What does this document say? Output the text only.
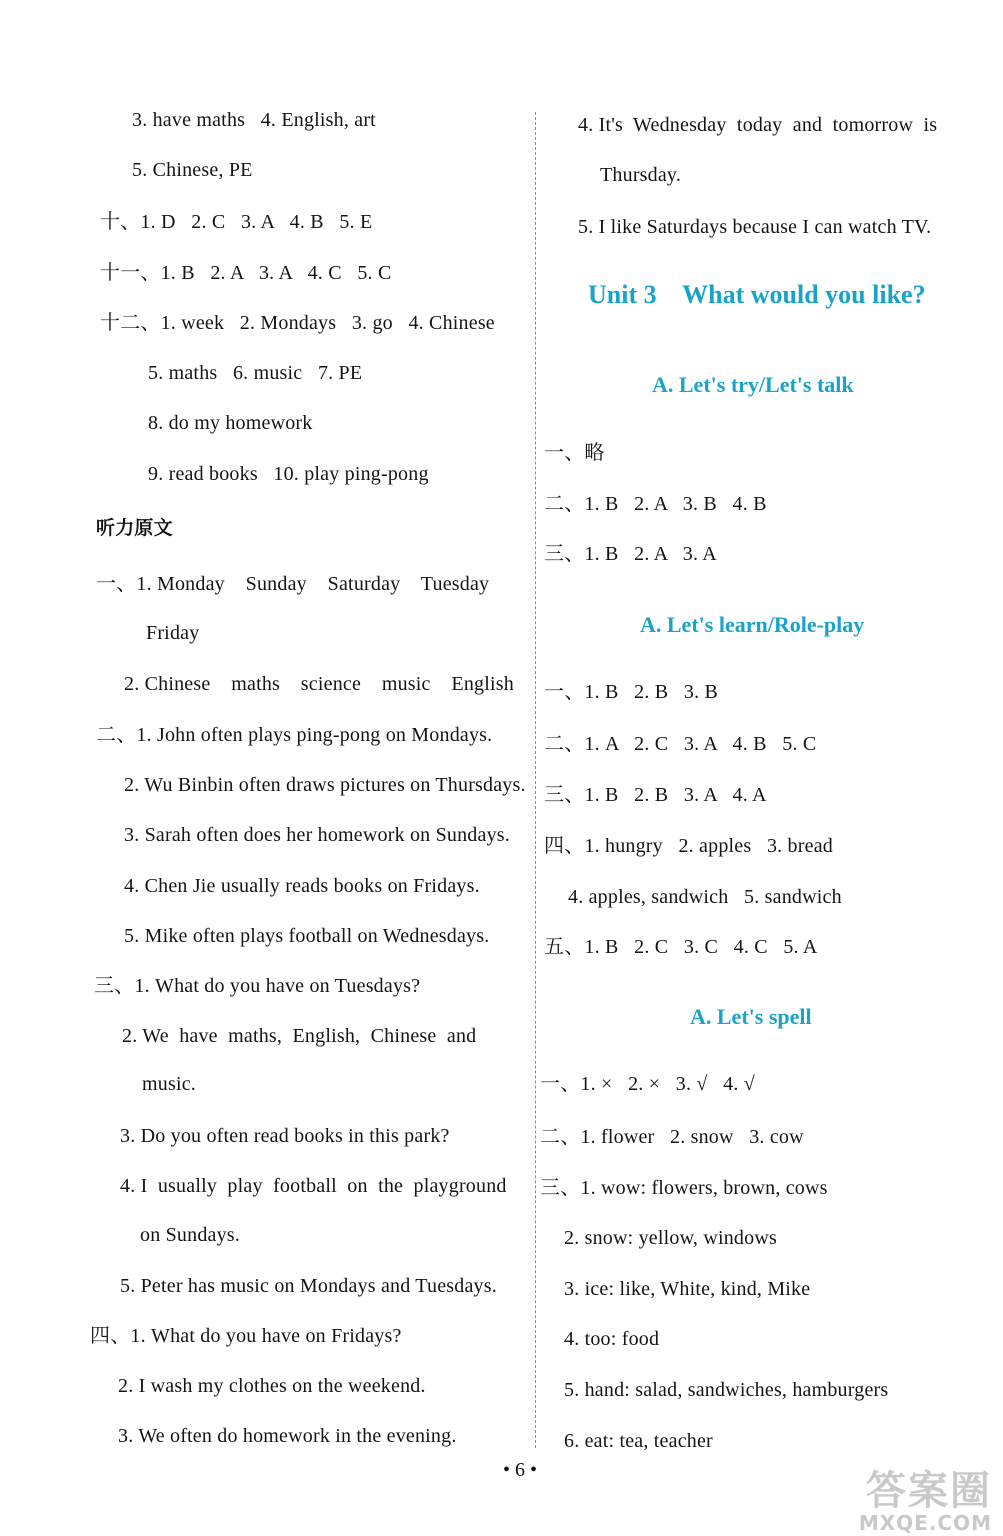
3. have maths   4. English, art
5. Chinese, PE
十、1. D   2. C   3. A   4. B   5. E
十一、1. B   2. A   3. A   4. C   5. C
十二、1. week   2. Mondays   3. go   4. Chinese
5. maths   6. music   7. PE
8. do my homework
9. read books   10. play ping-pong
听力原文
一、1. Monday    Sunday    Saturday    Tuesday
Friday
2. Chinese    maths    science    music    English
二、1. John often plays ping-pong on Mondays.
2. Wu Binbin often draws pictures on Thursdays.
3. Sarah often does her homework on Sundays.
4. Chen Jie usually reads books on Fridays.
5. Mike often plays football on Wednesdays.
三、1. What do you have on Tuesdays?
2. We  have  maths,  English,  Chinese  and
music.
3. Do you often read books in this park?
4. I  usually  play  football  on  the  playground
on Sundays.
5. Peter has music on Mondays and Tuesdays.
四、1. What do you have on Fridays?
2. I wash my clothes on the weekend.
3. We often do homework in the evening.
4. It's  Wednesday  today  and  tomorrow  is
Thursday.
5. I like Saturdays because I can watch TV.
Unit 3    What would you like?
A. Let's try/Let's talk
一、略
二、1. B   2. A   3. B   4. B
三、1. B   2. A   3. A
A. Let's learn/Role-play
一、1. B   2. B   3. B
二、1. A   2. C   3. A   4. B   5. C
三、1. B   2. B   3. A   4. A
四、1. hungry   2. apples   3. bread
4. apples, sandwich   5. sandwich
五、1. B   2. C   3. C   4. C   5. A
A. Let's spell
一、1. ×   2. ×   3. √   4. √
二、1. flower   2. snow   3. cow
三、1. wow: flowers, brown, cows
2. snow: yellow, windows
3. ice: like, White, kind, Mike
4. too: food
5. hand: salad, sandwiches, hamburgers
6. eat: tea, teacher
• 6 •	答案圈
MXQE.COM
